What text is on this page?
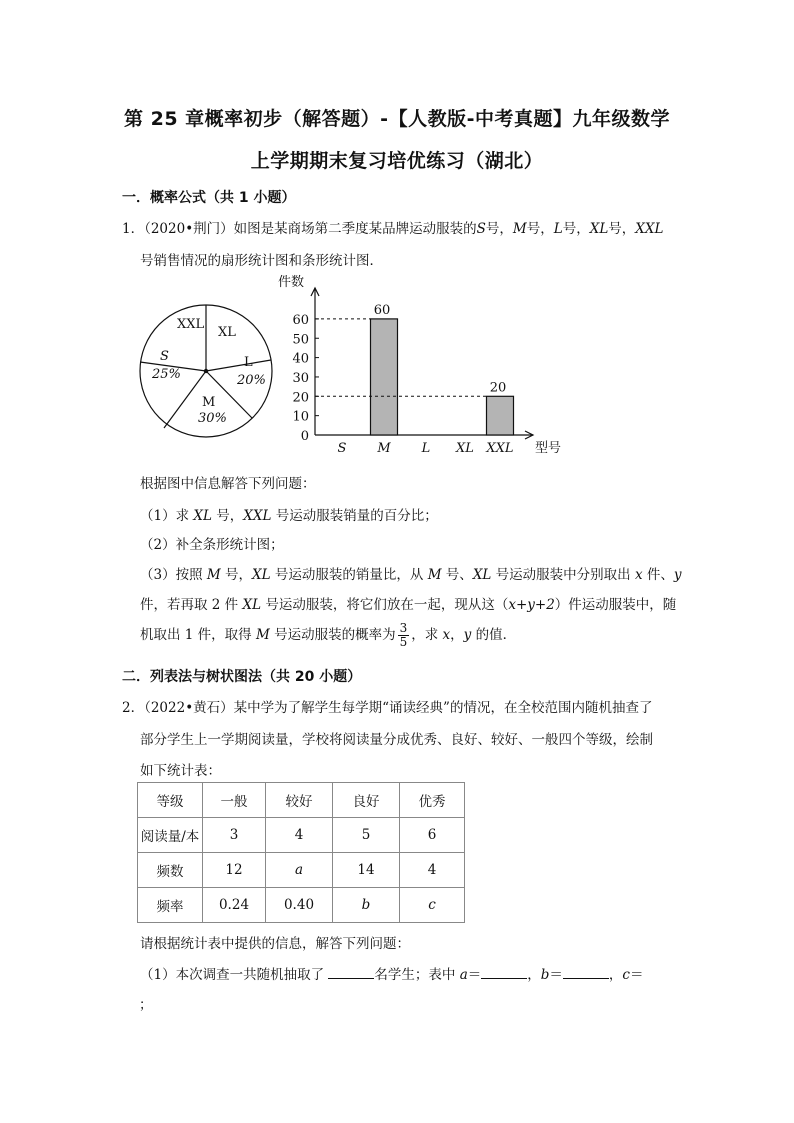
第 25 章概率初步（解答题）-【人教版-中考真题】九年级数学
上学期期末复习培优练习（湖北）
一．概率公式（共 1 小题）
1．（2020•荆门）如图是某商场第二季度某品牌运动服装的S号，M号，L号，XL号，XXL
号销售情况的扇形统计图和条形统计图．
XXL
XL
L
20%
M
30%
S
25%
件数
型号
0
10
20
30
40
50
60
S M
60
L XL XXL
20
根据图中信息解答下列问题：
（1）求 XL 号，XXL 号运动服装销量的百分比；
（2）补全条形统计图；
（3）按照 M 号，XL 号运动服装的销量比，从 M 号、XL 号运动服装中分别取出 x 件、y
件，若再取 2 件 XL 号运动服装，将它们放在一起，现从这（x+y+2）件运动服装中，随
机取出 1 件，取得 M 号运动服装的概率为 $\frac{3}{5}$ ，求 x，y 的值．
二．列表法与树状图法（共 20 小题）
2．（2022•黄石）某中学为了解学生每学期“诵读经典”的情况，在全校范围内随机抽查了
部分学生上一学期阅读量，学校将阅读量分成优秀、良好、较好、一般四个等级，绘制
如下统计表：
等级	一般	较好	良好	优秀
阅读量/本	3	4	5	6
频数	12	a	14	4
频率	0.24	0.40	b	c
请根据统计表中提供的信息，解答下列问题：
（1）本次调查一共随机抽取了	名学生；表中 a＝	，b＝	，c＝
；
